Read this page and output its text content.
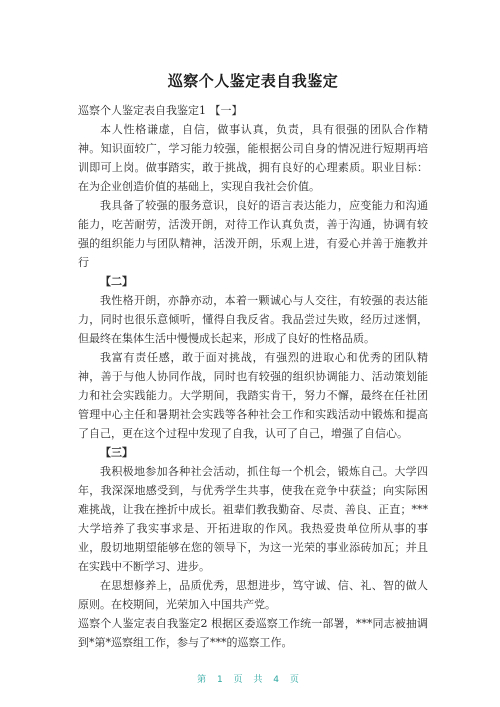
巡察个人鉴定表自我鉴定

巡察个人鉴定表自我鉴定1 【一】

本人性格谦虚，自信，做事认真，负责，具有很强的团队合作精神。知识面较广，学习能力较强，能根据公司自身的情况进行短期再培训即可上岗。做事踏实，敢于挑战，拥有良好的心理素质。职业目标：在为企业创造价值的基础上，实现自我社会价值。

我具备了较强的服务意识，良好的语言表达能力，应变能力和沟通能力，吃苦耐劳，活泼开朗，对待工作认真负责，善于沟通，协调有较强的组织能力与团队精神，活泼开朗，乐观上进，有爱心并善于施教并行

【二】

我性格开朗，亦静亦动，本着一颗诚心与人交往，有较强的表达能力，同时也很乐意倾听，懂得自我反省。我品尝过失败，经历过迷惘，但最终在集体生活中慢慢成长起来，形成了良好的性格品质。

我富有责任感，敢于面对挑战，有强烈的进取心和优秀的团队精神，善于与他人协同作战，同时也有较强的组织协调能力、活动策划能力和社会实践能力。大学期间，我踏实肯干，努力不懈，最终在任社团管理中心主任和暑期社会实践等各种社会工作和实践活动中锻炼和提高了自己，更在这个过程中发现了自我，认可了自己，增强了自信心。

【三】

我积极地参加各种社会活动，抓住每一个机会，锻炼自己。大学四年，我深深地感受到，与优秀学生共事，使我在竞争中获益；向实际困难挑战，让我在挫折中成长。祖辈们教我勤奋、尽责、善良、正直；***大学培养了我实事求是、开拓进取的作风。我热爱贵单位所从事的事业，殷切地期望能够在您的领导下，为这一光荣的事业添砖加瓦；并且在实践中不断学习、进步。

在思想修养上，品质优秀，思想进步，笃守诚、信、礼、智的做人原则。在校期间，光荣加入中国共产党。

巡察个人鉴定表自我鉴定2 根据区委巡察工作统一部署，***同志被抽调到*第*巡察组工作，参与了***的巡察工作。

第 1 页 共 4 页
